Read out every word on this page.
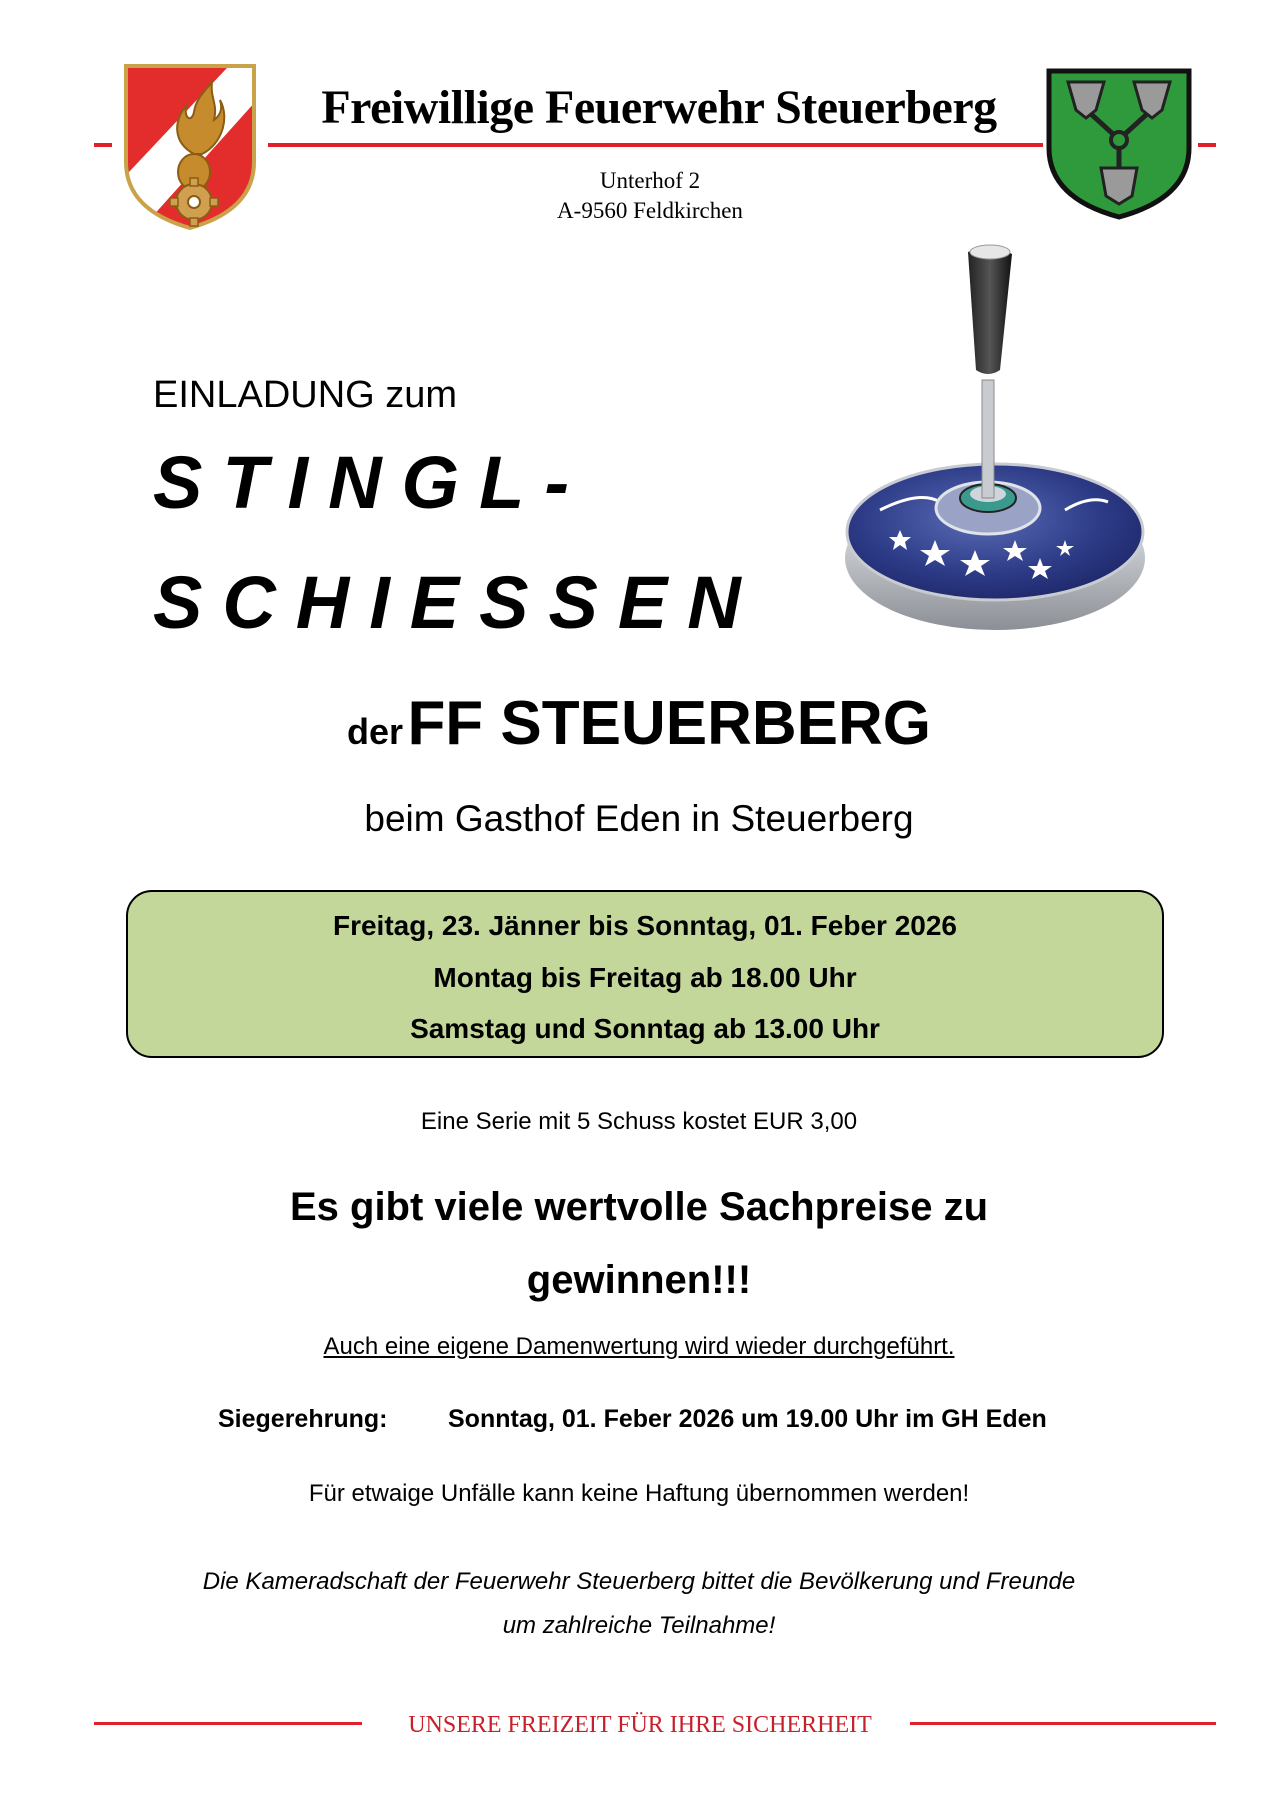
Freiwillige Feuerwehr Steuerberg
Unterhof 2
A-9560 Feldkirchen
EINLADUNG zum
STINGL-
SCHIESSEN
der FF STEUERBERG
beim Gasthof Eden in Steuerberg
Freitag, 23. Jänner bis Sonntag, 01. Feber 2026
Montag bis Freitag ab 18.00 Uhr
Samstag und Sonntag ab 13.00 Uhr
Eine Serie mit 5 Schuss kostet EUR 3,00
Es gibt viele wertvolle Sachpreise zu
gewinnen!!!
Auch eine eigene Damenwertung wird wieder durchgeführt.
Siegerehrung: Sonntag, 01. Feber 2026 um 19.00 Uhr im GH Eden
Für etwaige Unfälle kann keine Haftung übernommen werden!
Die Kameradschaft der Feuerwehr Steuerberg bittet die Bevölkerung und Freunde
um zahlreiche Teilnahme!
UNSERE FREIZEIT FÜR IHRE SICHERHEIT
